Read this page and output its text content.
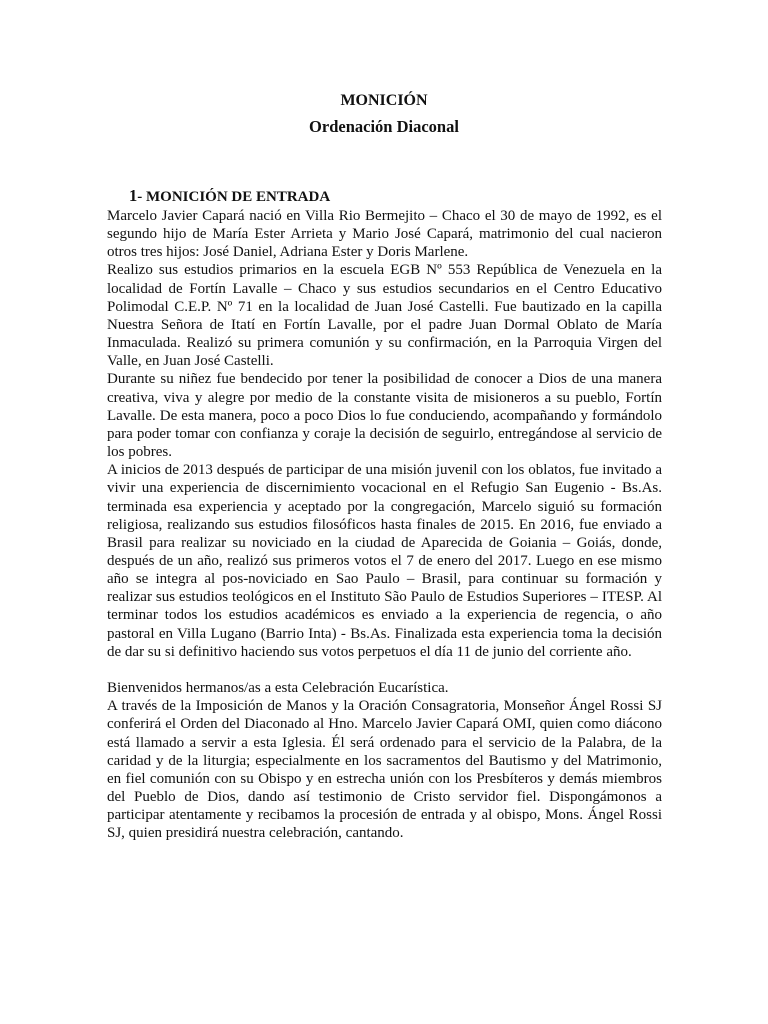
MONICIÓN
Ordenación Diaconal
1- MONICIÓN DE ENTRADA

Marcelo Javier Capará nació en Villa Rio Bermejito – Chaco el 30 de mayo de 1992, es el segundo hijo de María Ester Arrieta y Mario José Capará, matrimonio del cual nacieron otros tres hijos: José Daniel, Adriana Ester y Doris Marlene.

Realizo sus estudios primarios en la escuela EGB Nº 553 República de Venezuela en la localidad de Fortín Lavalle – Chaco y sus estudios secundarios en el Centro Educativo Polimodal C.E.P. Nº 71 en la localidad de Juan José Castelli. Fue bautizado en la capilla Nuestra Señora de Itatí en Fortín Lavalle, por el padre Juan Dormal Oblato de María Inmaculada. Realizó su primera comunión y su confirmación, en la Parroquia Virgen del Valle, en Juan José Castelli.

Durante su niñez fue bendecido por tener la posibilidad de conocer a Dios de una manera creativa, viva y alegre por medio de la constante visita de misioneros a su pueblo, Fortín Lavalle. De esta manera, poco a poco Dios lo fue conduciendo, acompañando y formándolo para poder tomar con confianza y coraje la decisión de seguirlo, entregándose al servicio de los pobres.

A inicios de 2013 después de participar de una misión juvenil con los oblatos, fue invitado a vivir una experiencia de discernimiento vocacional en el Refugio San Eugenio - Bs.As. terminada esa experiencia y aceptado por la congregación, Marcelo siguió su formación religiosa, realizando sus estudios filosóficos hasta finales de 2015. En 2016, fue enviado a Brasil para realizar su noviciado en la ciudad de Aparecida de Goiania – Goiás, donde, después de un año, realizó sus primeros votos el 7 de enero del 2017. Luego en ese mismo año se integra al pos-noviciado en Sao Paulo – Brasil, para continuar su formación y realizar sus estudios teológicos en el Instituto São Paulo de Estudios Superiores – ITESP. Al terminar todos los estudios académicos es enviado a la experiencia de regencia, o año pastoral en Villa Lugano (Barrio Inta) - Bs.As. Finalizada esta experiencia toma la decisión de dar su si definitivo haciendo sus votos perpetuos el día 11 de junio del corriente año.

Bienvenidos hermanos/as a esta Celebración Eucarística.

A través de la Imposición de Manos y la Oración Consagratoria, Monseñor Ángel Rossi SJ conferirá el Orden del Diaconado al Hno. Marcelo Javier Capará OMI, quien como diácono está llamado a servir a esta Iglesia. Él será ordenado para el servicio de la Palabra, de la caridad y de la liturgia; especialmente en los sacramentos del Bautismo y del Matrimonio, en fiel comunión con su Obispo y en estrecha unión con los Presbíteros y demás miembros del Pueblo de Dios, dando así testimonio de Cristo servidor fiel. Dispongámonos a participar atentamente y recibamos la procesión de entrada y al obispo, Mons. Ángel Rossi SJ, quien presidirá nuestra celebración, cantando.
